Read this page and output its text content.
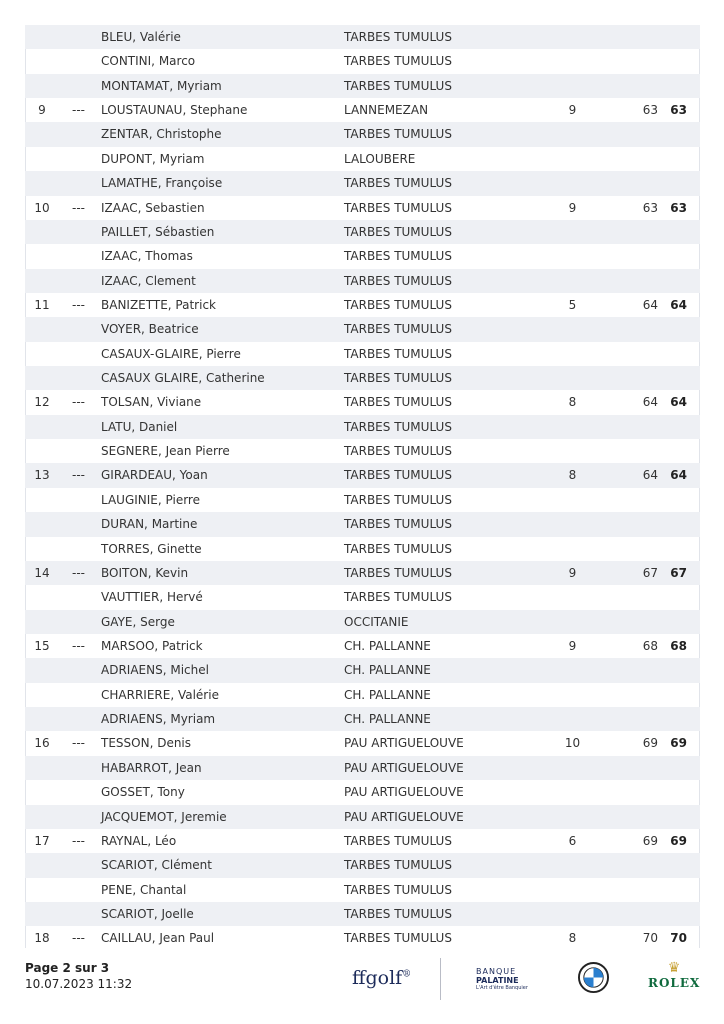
BLEU, Valérie	TARBES TUMULUS
CONTINI, Marco	TARBES TUMULUS
MONTAMAT, Myriam	TARBES TUMULUS
9	--- LOUSTAUNAU, Stephane	LANNEMEZAN	9	63 63
ZENTAR, Christophe	TARBES TUMULUS
DUPONT, Myriam	LALOUBERE
LAMATHE, Françoise	TARBES TUMULUS
10	--- IZAAC, Sebastien	TARBES TUMULUS	9	63 63
PAILLET, Sébastien	TARBES TUMULUS
IZAAC, Thomas	TARBES TUMULUS
IZAAC, Clement	TARBES TUMULUS
11	--- BANIZETTE, Patrick	TARBES TUMULUS	5	64 64
VOYER, Beatrice	TARBES TUMULUS
CASAUX-GLAIRE, Pierre	TARBES TUMULUS
CASAUX GLAIRE, Catherine	TARBES TUMULUS
12	--- TOLSAN, Viviane	TARBES TUMULUS	8	64 64
LATU, Daniel	TARBES TUMULUS
SEGNERE, Jean Pierre	TARBES TUMULUS
13	--- GIRARDEAU, Yoan	TARBES TUMULUS	8	64 64
LAUGINIE, Pierre	TARBES TUMULUS
DURAN, Martine	TARBES TUMULUS
TORRES, Ginette	TARBES TUMULUS
14	--- BOITON, Kevin	TARBES TUMULUS	9	67 67
VAUTTIER, Hervé	TARBES TUMULUS
GAYE, Serge	OCCITANIE
15	--- MARSOO, Patrick	CH. PALLANNE	9	68 68
ADRIAENS, Michel	CH. PALLANNE
CHARRIERE, Valérie	CH. PALLANNE
ADRIAENS, Myriam	CH. PALLANNE
16	--- TESSON, Denis	PAU ARTIGUELOUVE	10	69 69
HABARROT, Jean	PAU ARTIGUELOUVE
GOSSET, Tony	PAU ARTIGUELOUVE
JACQUEMOT, Jeremie	PAU ARTIGUELOUVE
17	--- RAYNAL, Léo	TARBES TUMULUS	6	69 69
SCARIOT, Clément	TARBES TUMULUS
PENE, Chantal	TARBES TUMULUS
SCARIOT, Joelle	TARBES TUMULUS
18	--- CAILLAU, Jean Paul	TARBES TUMULUS	8	70 70
Page 2 sur 3
10.07.2023 11:32	ffgolf®	BANQUE
PALATINE
L'Art d'être Banquier
♛
ROLEX
